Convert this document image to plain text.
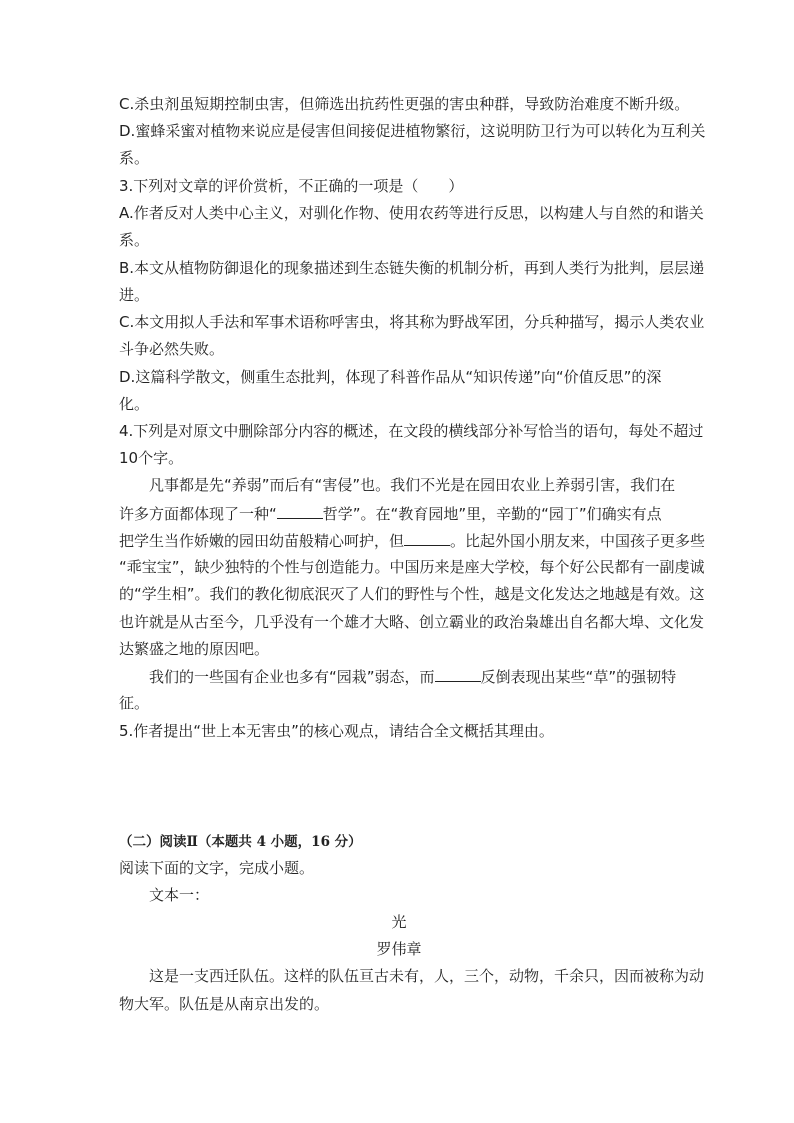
C.杀虫剂虽短期控制虫害，但筛选出抗药性更强的害虫种群，导致防治难度不断升级。
D.蜜蜂采蜜对植物来说应是侵害但间接促进植物繁衍，这说明防卫行为可以转化为互利关
系。
3.下列对文章的评价赏析，不正确的一项是（　　）
A.作者反对人类中心主义，对驯化作物、使用农药等进行反思，以构建人与自然的和谐关
系。
B.本文从植物防御退化的现象描述到生态链失衡的机制分析，再到人类行为批判，层层递
进。
C.本文用拟人手法和军事术语称呼害虫，将其称为野战军团，分兵种描写，揭示人类农业
斗争必然失败。
D.这篇科学散文，侧重生态批判，体现了科普作品从“知识传递”向“价值反思”的深
化。
4.下列是对原文中删除部分内容的概述，在文段的横线部分补写恰当的语句，每处不超过
10个字。
凡事都是先“养弱”而后有“害侵”也。我们不光是在园田农业上养弱引害，我们在
许多方面都体现了一种“	哲学”。在“教育园地”里，辛勤的“园丁”们确实有点
把学生当作娇嫩的园田幼苗般精心呵护，但	。比起外国小朋友来，中国孩子更多些
“乖宝宝”，缺少独特的个性与创造能力。中国历来是座大学校，每个好公民都有一副虔诚
的“学生相”。我们的教化彻底泯灭了人们的野性与个性，越是文化发达之地越是有效。这
也许就是从古至今，几乎没有一个雄才大略、创立霸业的政治枭雄出自名都大埠、文化发
达繁盛之地的原因吧。
我们的一些国有企业也多有“园栽”弱态，而	反倒表现出某些“草”的强韧特
征。
5.作者提出“世上本无害虫”的核心观点，请结合全文概括其理由。
（二）阅读Ⅱ（本题共 4 小题，16 分）
阅读下面的文字，完成小题。
文本一：
光
罗伟章
这是一支西迁队伍。这样的队伍亘古未有，人，三个，动物，千余只，因而被称为动
物大军。队伍是从南京出发的。
